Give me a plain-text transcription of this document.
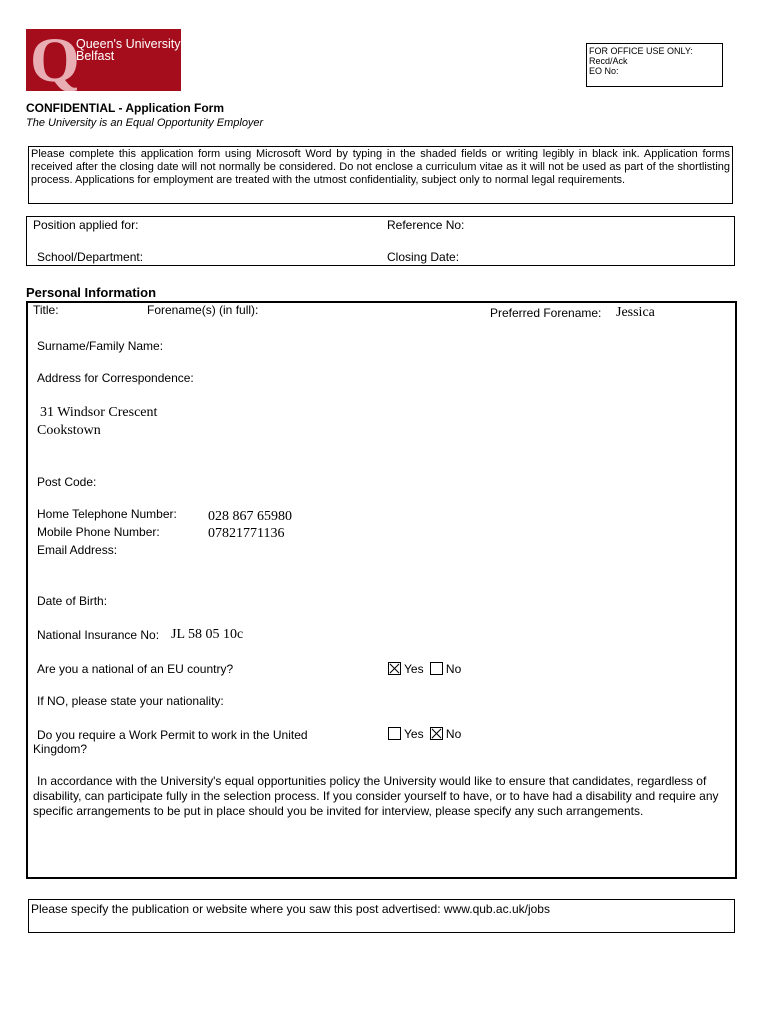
Q
Queen's University
Belfast	FOR OFFICE USE ONLY:
Recd/Ack
EO No:
CONFIDENTIAL - Application Form
The University is an Equal Opportunity Employer
Please complete this application form using Microsoft Word by typing in the shaded fields or writing legibly in black ink. Application forms received after the closing date will not normally be considered. Do not enclose a curriculum vitae as it will not be used as part of the shortlisting process. Applications for employment are treated with the utmost confidentiality, subject only to normal legal requirements.
Position applied for:	Reference No:
School/Department:	Closing Date:
Personal Information
Title:	Forename(s) (in full):	Preferred Forename: Jessica
Surname/Family Name:
Address for Correspondence:
31 Windsor Crescent
Cookstown
Post Code:
Home Telephone Number: 028 867 65980
Mobile Phone Number:	07821771136
Email Address:
Date of Birth:
National Insurance No: JL 58 05 10c
Are you a national of an EU country?	Yes No
If NO, please state your nationality:
Do you require a Work Permit to work in the United
Kingdom?
Yes No
In accordance with the University's equal opportunities policy the University would like to ensure that candidates, regardless of disability, can participate fully in the selection process. If you consider yourself to have, or to have had a disability and require any specific arrangements to be put in place should you be invited for interview, please specify any such arrangements.
Please specify the publication or website where you saw this post advertised: www.qub.ac.uk/jobs
